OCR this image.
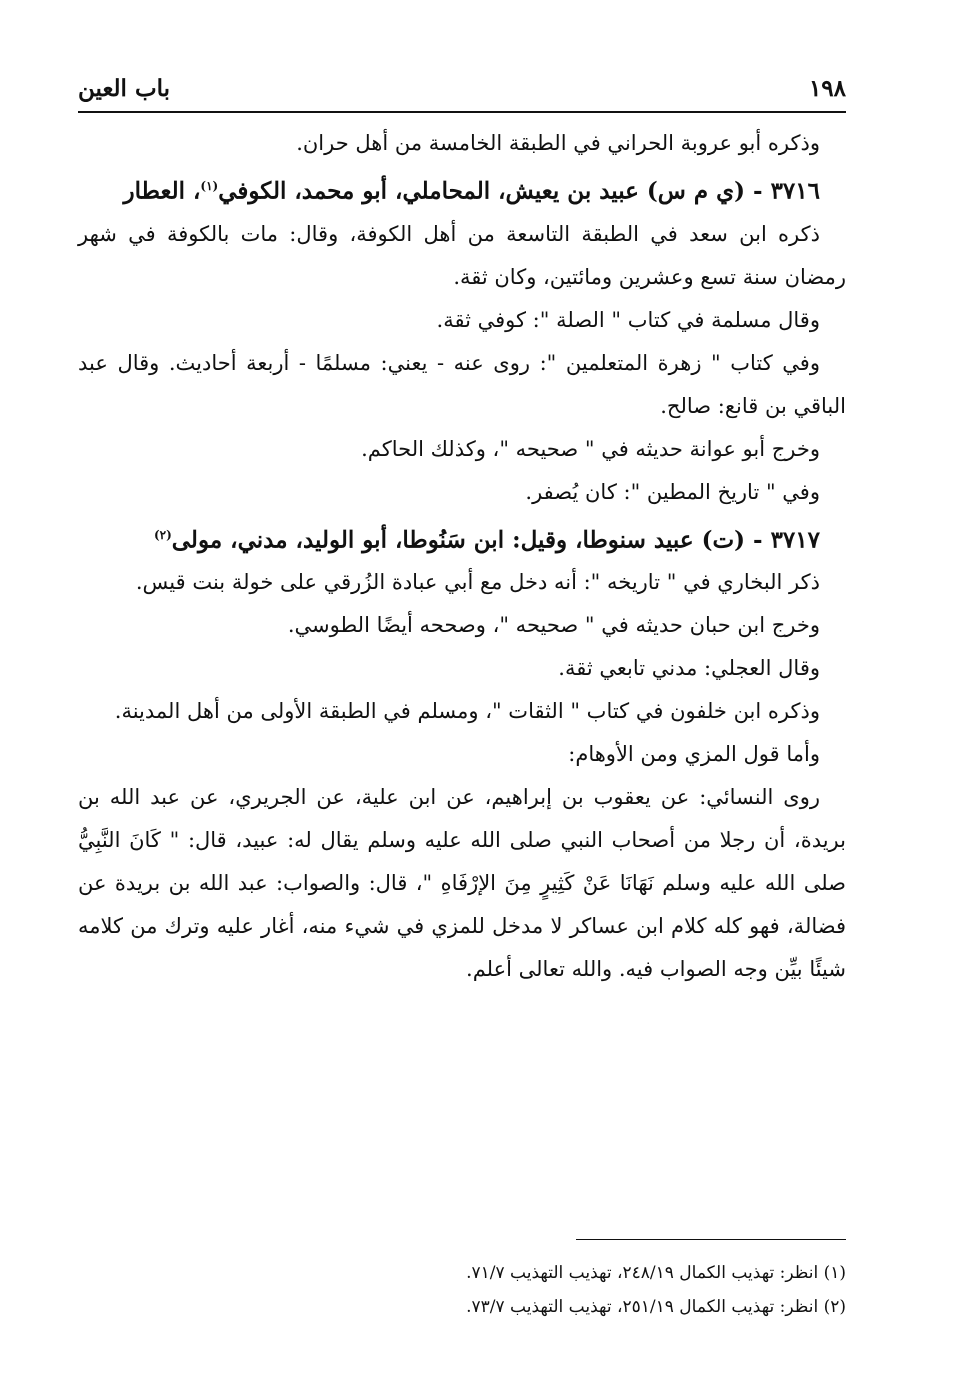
١٩٨
باب العين

وذكره أبو عروبة الحراني في الطبقة الخامسة من أهل حران.

٣٧١٦ - (ي م س) عبيد بن يعيش، المحاملي، أبو محمد، الكوفي$^{(١)}$، العطار

ذكره ابن سعد في الطبقة التاسعة من أهل الكوفة، وقال: مات بالكوفة في شهر رمضان سنة تسع وعشرين ومائتين، وكان ثقة.

وقال مسلمة في كتاب " الصلة ": كوفي ثقة.

وفي كتاب " زهرة المتعلمين ": روى عنه - يعني: مسلمًا - أربعة أحاديث. وقال عبد الباقي بن قانع: صالح.

وخرج أبو عوانة حديثه في " صحيحه "، وكذلك الحاكم.

وفي " تاريخ المطين ": كان يُصفر.

٣٧١٧ - (ت) عبيد سنوطا، وقيل: ابن سَنُوطا، أبو الوليد، مدني، مولى$^{(٢)}$

ذكر البخاري في " تاريخه ": أنه دخل مع أبي عبادة الزُرقي على خولة بنت قيس.

وخرج ابن حبان حديثه في " صحيحه "، وصححه أيضًا الطوسي.

وقال العجلي: مدني تابعي ثقة.

وذكره ابن خلفون في كتاب " الثقات "، ومسلم في الطبقة الأولى من أهل المدينة.

وأما قول المزي ومن الأوهام:

روى النسائي: عن يعقوب بن إبراهيم، عن ابن علية، عن الجريري، عن عبد الله بن بريدة، أن رجلا من أصحاب النبي صلى الله عليه وسلم يقال له: عبيد، قال: " كَانَ النَّبِيُّ صلى الله عليه وسلم نَهَانَا عَنْ كَثِيرٍ مِنَ الإرْفَاهِ "، قال: والصواب: عبد الله بن بريدة عن فضالة، فهو كله كلام ابن عساكر لا مدخل للمزي في شيء منه، أغار عليه وترك من كلامه شيئًا بيِّن وجه الصواب فيه. والله تعالى أعلم.

(١) انظر: تهذيب الكمال ٢٤٨/١٩، تهذيب التهذيب ٧١/٧.

(٢) انظر: تهذيب الكمال ٢٥١/١٩، تهذيب التهذيب ٧٣/٧.
